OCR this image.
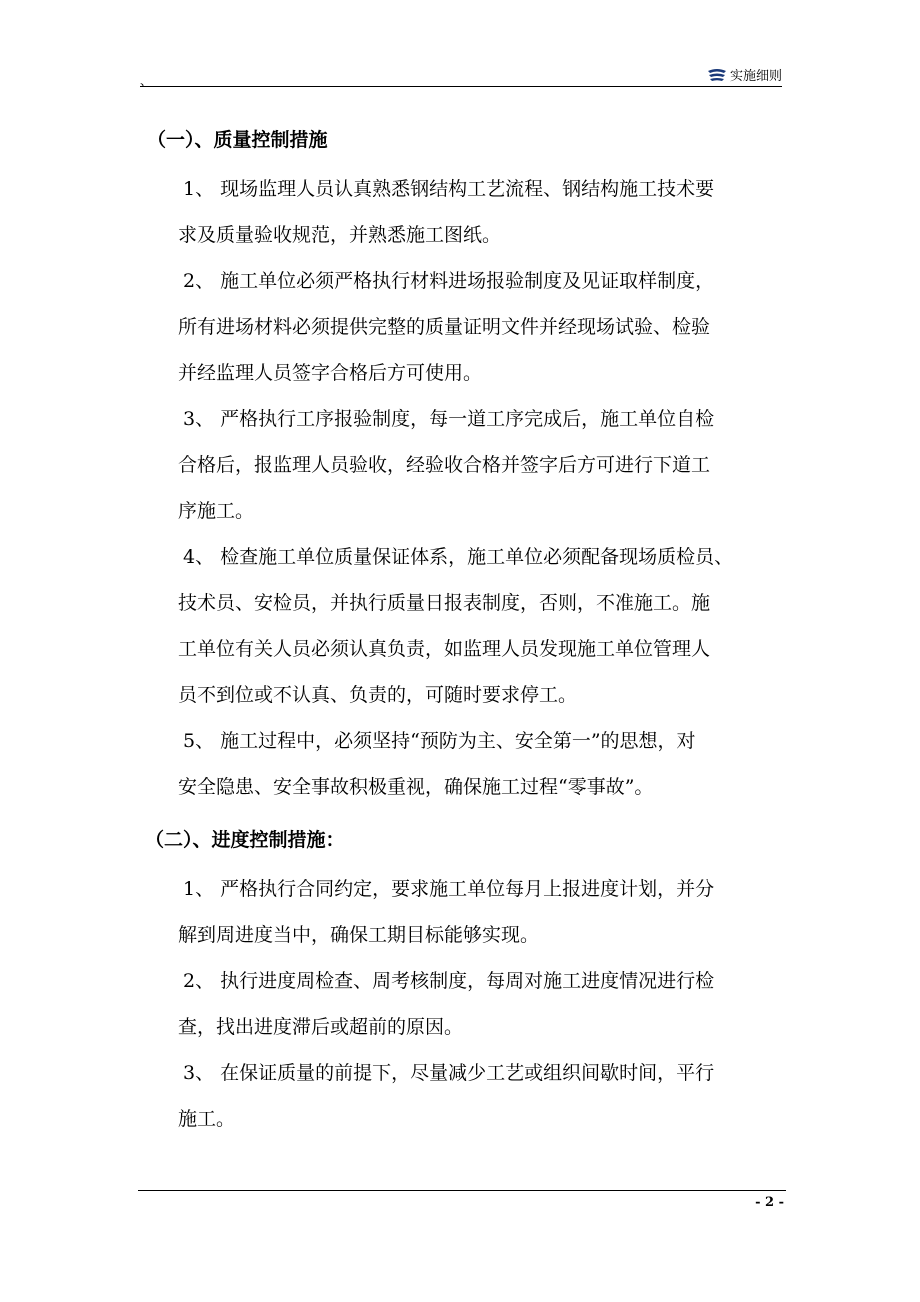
、	实施细则
（一）、质量控制措施

1、 现场监理人员认真熟悉钢结构工艺流程、钢结构施工技术要
求及质量验收规范，并熟悉施工图纸。

2、 施工单位必须严格执行材料进场报验制度及见证取样制度，
所有进场材料必须提供完整的质量证明文件并经现场试验、检验
并经监理人员签字合格后方可使用。

3、 严格执行工序报验制度，每一道工序完成后，施工单位自检
合格后，报监理人员验收，经验收合格并签字后方可进行下道工
序施工。

4、 检查施工单位质量保证体系，施工单位必须配备现场质检员、
技术员、安检员，并执行质量日报表制度，否则，不准施工。施
工单位有关人员必须认真负责，如监理人员发现施工单位管理人
员不到位或不认真、负责的，可随时要求停工。

5、 施工过程中，必须坚持“预防为主、安全第一”的思想，对
安全隐患、安全事故积极重视，确保施工过程“零事故”。

（二）、进度控制措施：

1、 严格执行合同约定，要求施工单位每月上报进度计划，并分
解到周进度当中，确保工期目标能够实现。

2、 执行进度周检查、周考核制度，每周对施工进度情况进行检
查，找出进度滞后或超前的原因。

3、 在保证质量的前提下，尽量减少工艺或组织间歇时间，平行
施工。

- 2 -
